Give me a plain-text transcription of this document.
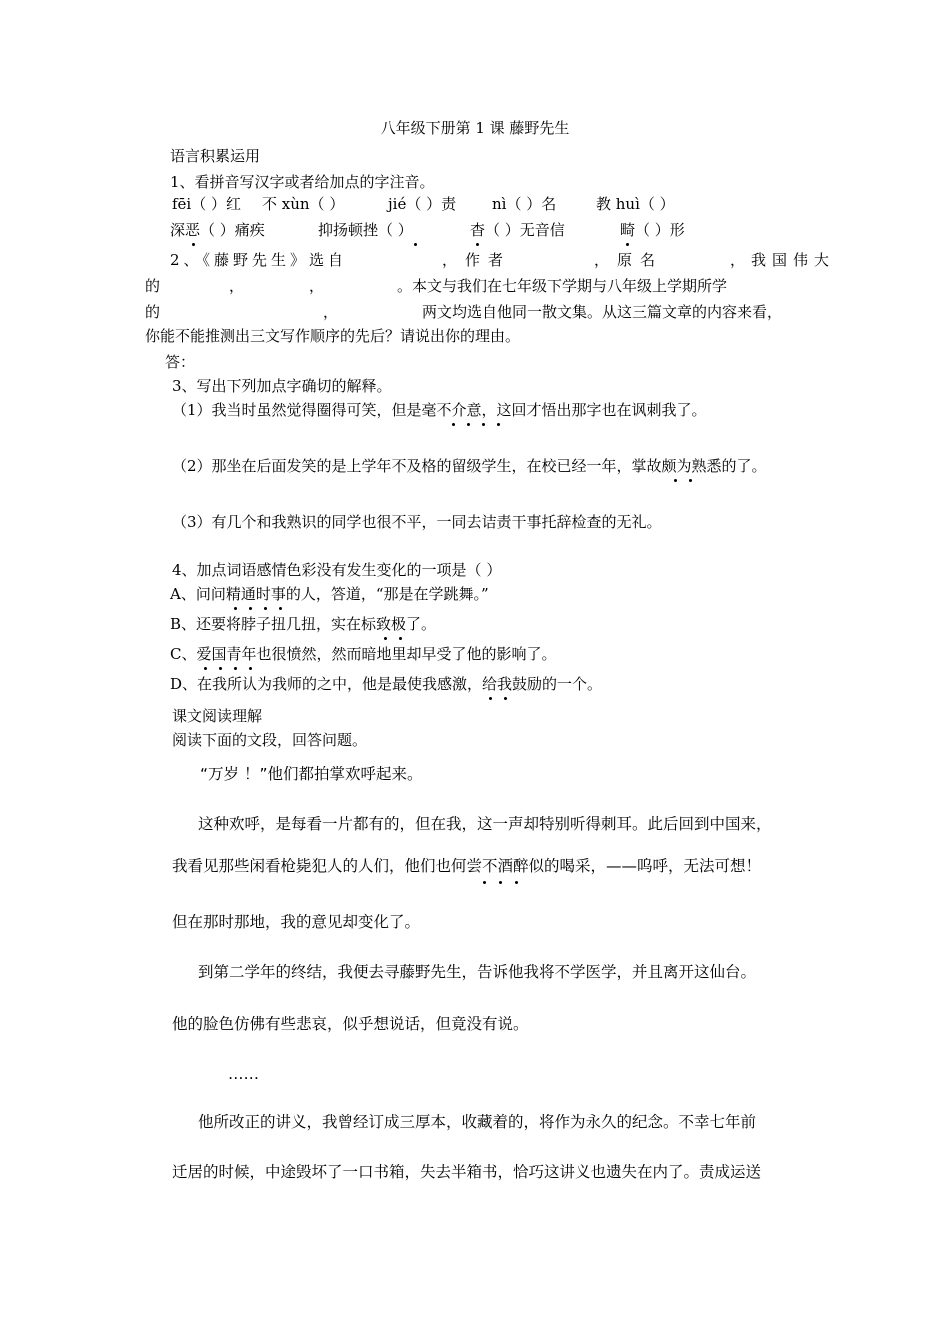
八年级下册第 1 课 藤野先生
语言积累运用
1、看拼音写汉字或者给加点的字注音。
fēi（ ）红 不 xùn（ ）	jié（ ）责 nì（ ）名	教 huì（ ）
深恶（ ）痛疾	抑扬顿挫（ ）	杳（ ）无音信	畸（ ）形
2、《藤野先生》选自	，作者	，原名	，我国伟大
的	，	，	。本文与我们在七年级下学期与八年级上学期所学
的	，	两文均选自他同一散文集。从这三篇文章的内容来看，
你能不能推测出三文写作顺序的先后？请说出你的理由。
答：
3、写出下列加点字确切的解释。
（1）我当时虽然觉得圈得可笑，但是毫不介意，这回才悟出那字也在讽刺我了。
（2）那坐在后面发笑的是上学年不及格的留级学生，在校已经一年，掌故颇为熟悉的了。
（3）有几个和我熟识的同学也很不平，一同去诘责干事托辞检查的无礼。
4、加点词语感情色彩没有发生变化的一项是（ ）
A、问问精通时事的人，答道，“那是在学跳舞。”
B、还要将脖子扭几扭，实在标致极了。
C、爱国青年也很愤然，然而暗地里却早受了他的影响了。
D、在我所认为我师的之中，他是最使我感激，给我鼓励的一个。
课文阅读理解
阅读下面的文段，回答问题。
“万岁 ！”他们都拍掌欢呼起来。
这种欢呼，是每看一片都有的，但在我，这一声却特别听得刺耳。此后回到中国来，
我看见那些闲看枪毙犯人的人们，他们也何尝不酒醉似的喝采，——呜呼，无法可想！
但在那时那地，我的意见却变化了。
到第二学年的终结，我便去寻藤野先生，告诉他我将不学医学，并且离开这仙台。
他的脸色仿佛有些悲哀，似乎想说话，但竟没有说。
……
他所改正的讲义，我曾经订成三厚本，收藏着的，将作为永久的纪念。不幸七年前
迁居的时候，中途毁坏了一口书箱，失去半箱书，恰巧这讲义也遗失在内了。责成运送
